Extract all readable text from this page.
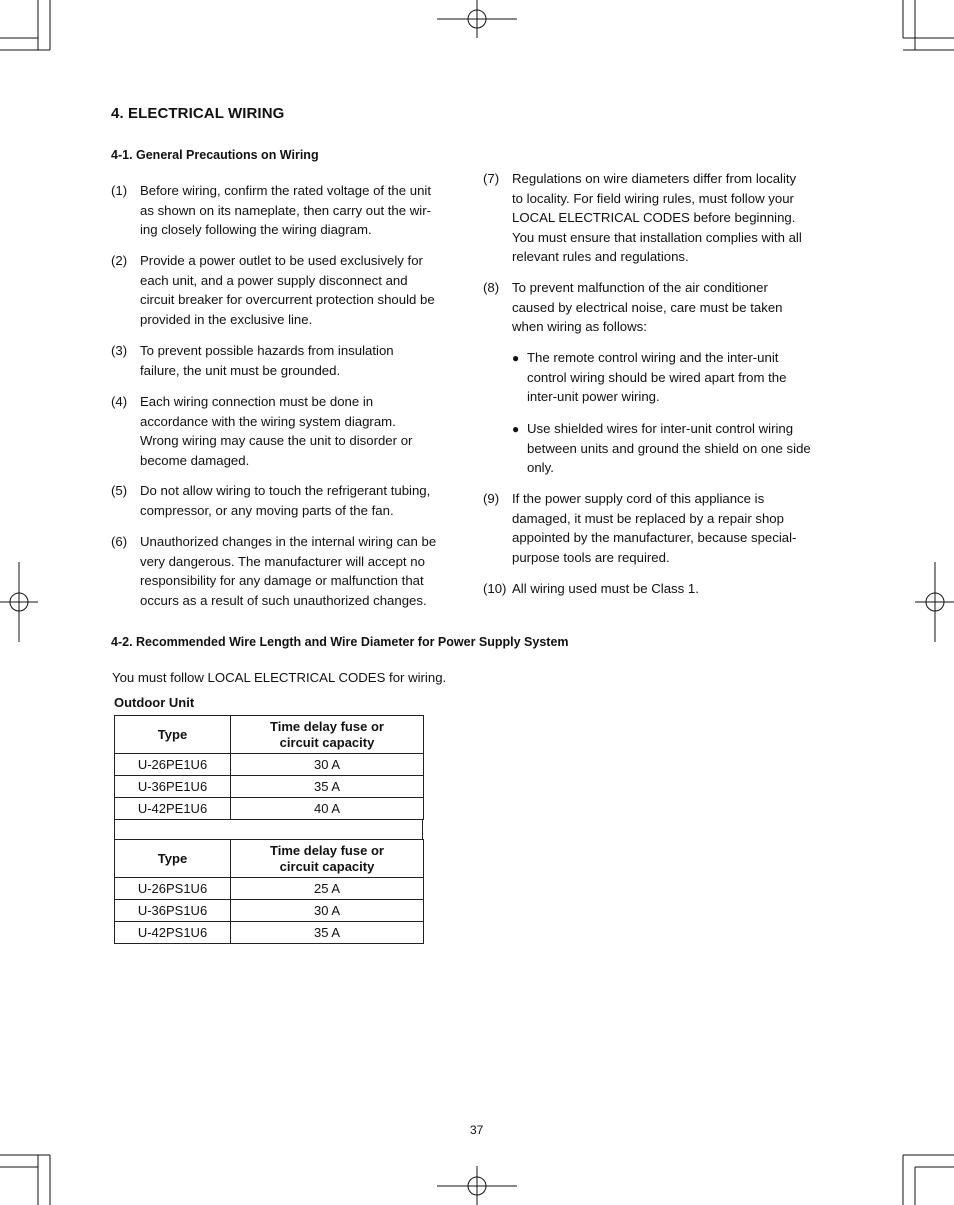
4. ELECTRICAL WIRING
4-1. General Precautions on Wiring
(1) Before wiring, confirm the rated voltage of the unit
as shown on its nameplate, then carry out the wir-
ing closely following the wiring diagram.
(2) Provide a power outlet to be used exclusively for
each unit, and a power supply disconnect and
circuit breaker for overcurrent protection should be
provided in the exclusive line.
(3) To prevent possible hazards from insulation
failure, the unit must be grounded.
(4) Each wiring connection must be done in
accordance with the wiring system diagram.
Wrong wiring may cause the unit to disorder or
become damaged.
(5) Do not allow wiring to touch the refrigerant tubing,
compressor, or any moving parts of the fan.
(6) Unauthorized changes in the internal wiring can be
very dangerous. The manufacturer will accept no
responsibility for any damage or malfunction that
occurs as a result of such unauthorized changes.
(7) Regulations on wire diameters differ from locality
to locality. For field wiring rules, must follow your
LOCAL ELECTRICAL CODES before beginning.
You must ensure that installation complies with all
relevant rules and regulations.
(8) To prevent malfunction of the air conditioner
caused by electrical noise, care must be taken
when wiring as follows:
(9) If the power supply cord of this appliance is
damaged, it must be replaced by a repair shop
appointed by the manufacturer, because special-
purpose tools are required.
(10) All wiring used must be Class 1.
● The remote control wiring and the inter-unit
control wiring should be wired apart from the
inter-unit power wiring.
● Use shielded wires for inter-unit control wiring
between units and ground the shield on one side
only.
4-2. Recommended Wire Length and Wire Diameter for Power Supply System
You must follow LOCAL ELECTRICAL CODES for wiring.
Outdoor Unit
Type	Time delay fuse or
circuit capacity
U-26PE1U6	30 A
U-36PE1U6	35 A
U-42PE1U6	40 A
Type	Time delay fuse or
circuit capacity
U-26PS1U6	25 A
U-36PS1U6	30 A
U-42PS1U6	35 A
37
